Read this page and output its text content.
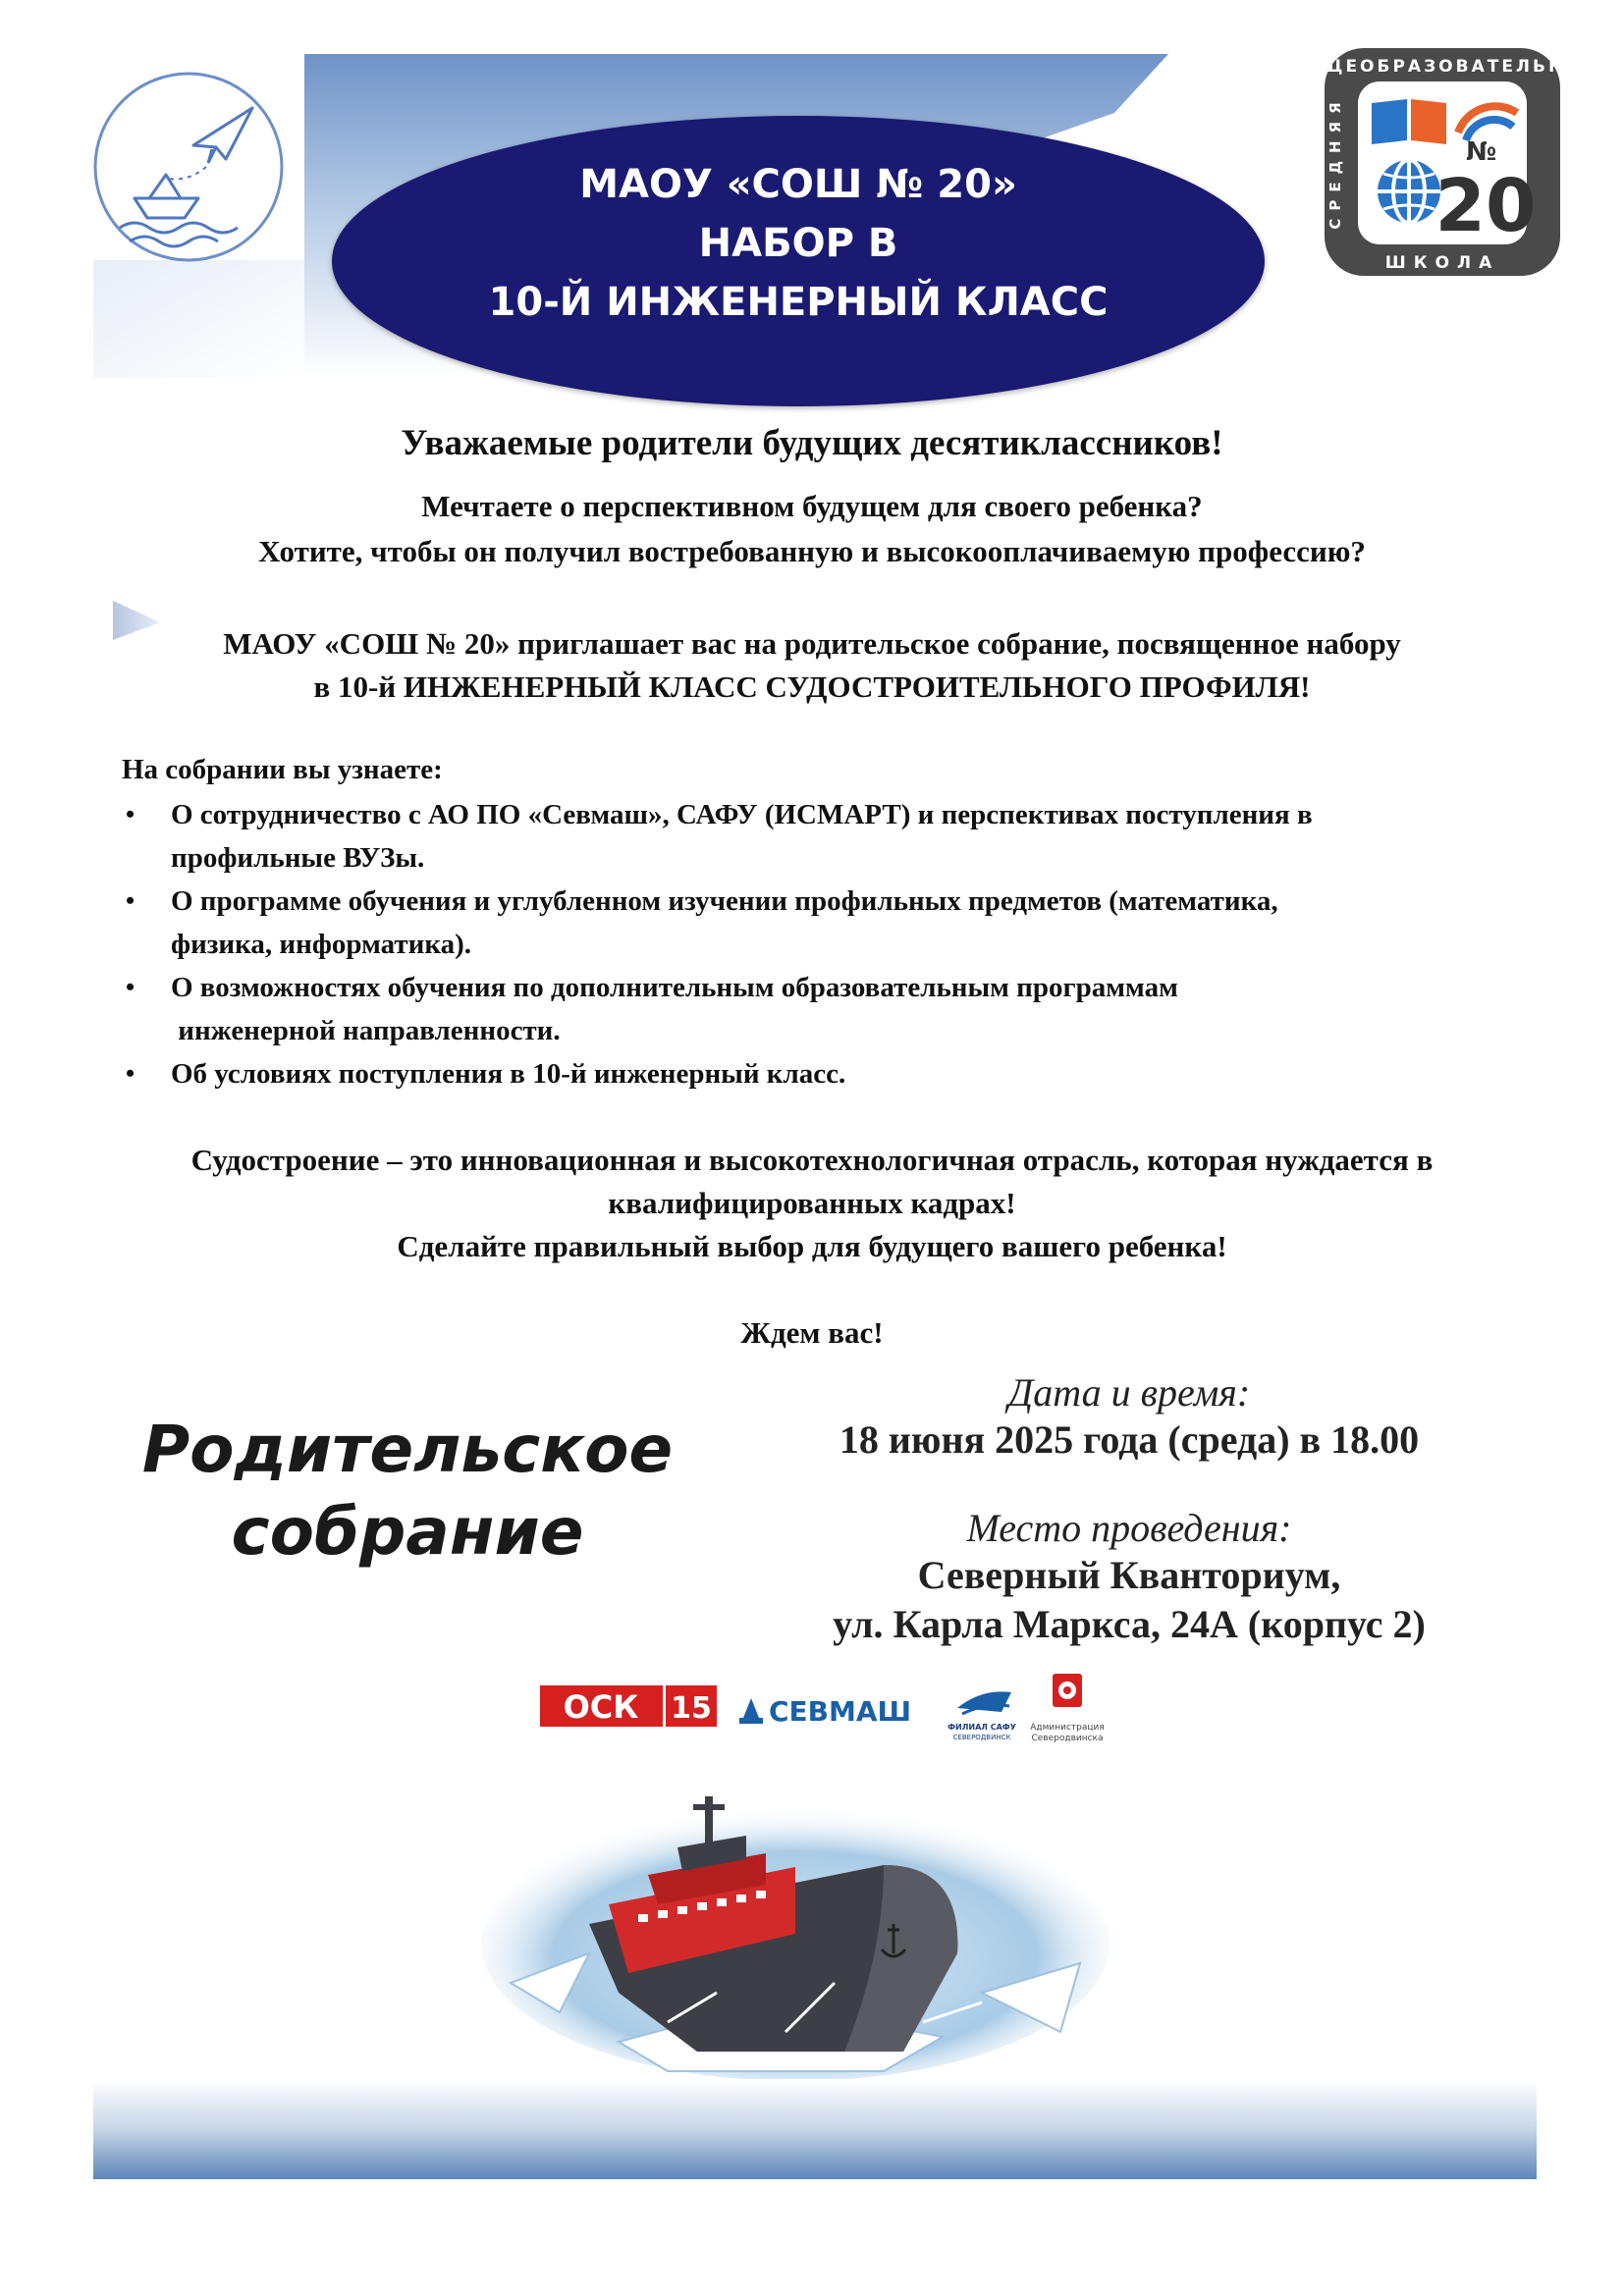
МАОУ «СОШ № 20»
НАБОР В
10-Й ИНЖЕНЕРНЫЙ КЛАСС
ОБЩЕОБРАЗОВАТЕЛЬНАЯ
ШКОЛА
СРЕДНЯЯ	№
20
Уважаемые родители будущих десятиклассников!
Мечтаете о перспективном будущем для своего ребенка?
Хотите, чтобы он получил востребованную и высокооплачиваемую профессию?
МАОУ «СОШ № 20» приглашает вас на родительское собрание, посвященное набору
в 10-й ИНЖЕНЕРНЫЙ КЛАСС СУДОСТРОИТЕЛЬНОГО ПРОФИЛЯ!
На собрании вы узнаете:
• О сотрудничество с АО ПО «Севмаш», САФУ (ИСМАРТ) и перспективах поступления в
профильные ВУЗы.
• О программе обучения и углубленном изучении профильных предметов (математика,
физика, информатика).
• О возможностях обучения по дополнительным образовательным программам
инженерной направленности.
• Об условиях поступления в 10-й инженерный класс.
Судостроение – это инновационная и высокотехнологичная отрасль, которая нуждается в
квалифицированных кадрах!
Сделайте правильный выбор для будущего вашего ребенка!
Ждем вас!
Родительское
собрание
Дата и время:
18 июня 2025 года (среда) в 18.00
Место проведения:
Северный Кванториум,
ул. Карла Маркса, 24А (корпус 2)
ОСК 15 СЕВМАШ	ФИЛИАЛ САФУ
СЕВЕРОДВИНСК
Администрация
Северодвинска
